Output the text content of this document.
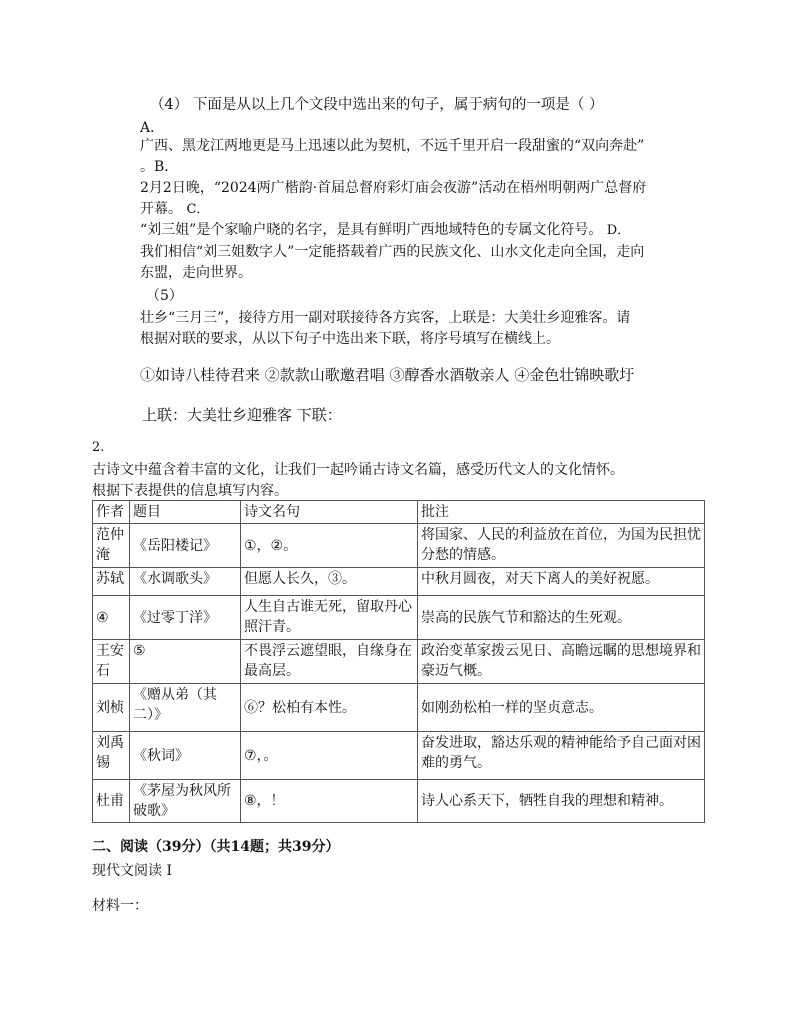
（4） 下面是从以上几个文段中选出来的句子，属于病句的一项是（ ）
A．
广西、黑龙江两地更是马上迅速以此为契机，不远千里开启一段甜蜜的“双向奔赴”
。B．
2月2日晚，“2024两广楷韵·首届总督府彩灯庙会夜游”活动在梧州明朝两广总督府
开幕。 C．
“刘三姐”是个家喻户晓的名字，是具有鲜明广西地域特色的专属文化符号。 D．
我们相信“刘三姐数字人”一定能搭载着广西的民族文化、山水文化走向全国，走向
东盟，走向世界。
（5）
壮乡“三月三”，接待方用一副对联接待各方宾客，上联是：大美壮乡迎雅客。请
根据对联的要求，从以下句子中选出来下联，将序号填写在横线上。
①如诗八桂待君来 ②款款山歌邀君唱 ③醇香水酒敬亲人 ④金色壮锦映歌圩
上联：大美壮乡迎雅客 下联：
2.
古诗文中蕴含着丰富的文化，让我们一起吟诵古诗文名篇，感受历代文人的文化情怀。
根据下表提供的信息填写内容。
作者	题目	诗文名句	批注
范仲淹	《岳阳楼记》	①，②。	将国家、人民的利益放在首位，为国为民担忧分愁的情感。
苏轼	《水调歌头》	但愿人长久，③。	中秋月圆夜，对天下离人的美好祝愿。
④	《过零丁洋》	人生自古谁无死，留取丹心照汗青。	崇高的民族气节和豁达的生死观。
王安石	⑤	不畏浮云遮望眼，自缘身在最高层。	政治变革家拨云见日、高瞻远瞩的思想境界和豪迈气概。
刘桢	《赠从弟（其二）》	⑥？松柏有本性。	如刚劲松柏一样的坚贞意志。
刘禹锡	《秋词》	⑦，。	奋发进取，豁达乐观的精神能给予自己面对困难的勇气。
杜甫	《茅屋为秋风所破歌》	⑧，！	诗人心系天下，牺牲自我的理想和精神。
二、阅读（39分）（共14题；共39分）
现代文阅读 I
材料一：
